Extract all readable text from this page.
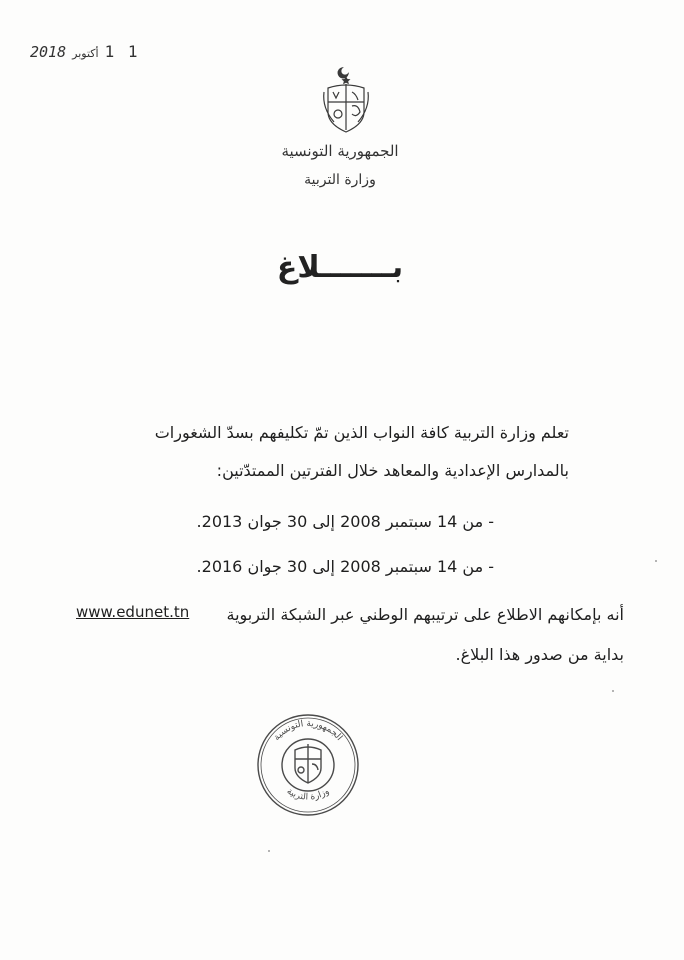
2018 أكتوبر 1 1
الجمهورية التونسية
وزارة التربية
بـــــــلاغ
تعلم وزارة التربية كافة النواب الذين تمّ تكليفهم بسدّ الشغورات
بالمدارس الإعدادية والمعاهد خلال الفترتين الممتدّتين:
- من 14 سبتمبر 2008 إلى 30 جوان 2013.
- من 14 سبتمبر 2008 إلى 30 جوان 2016.
أنه بإمكانهم الاطلاع على ترتيبهم الوطني عبر الشبكة التربوية
www.edunet.tn
بداية من صدور هذا البلاغ.
الجمهورية التونسية
وزارة التربية
